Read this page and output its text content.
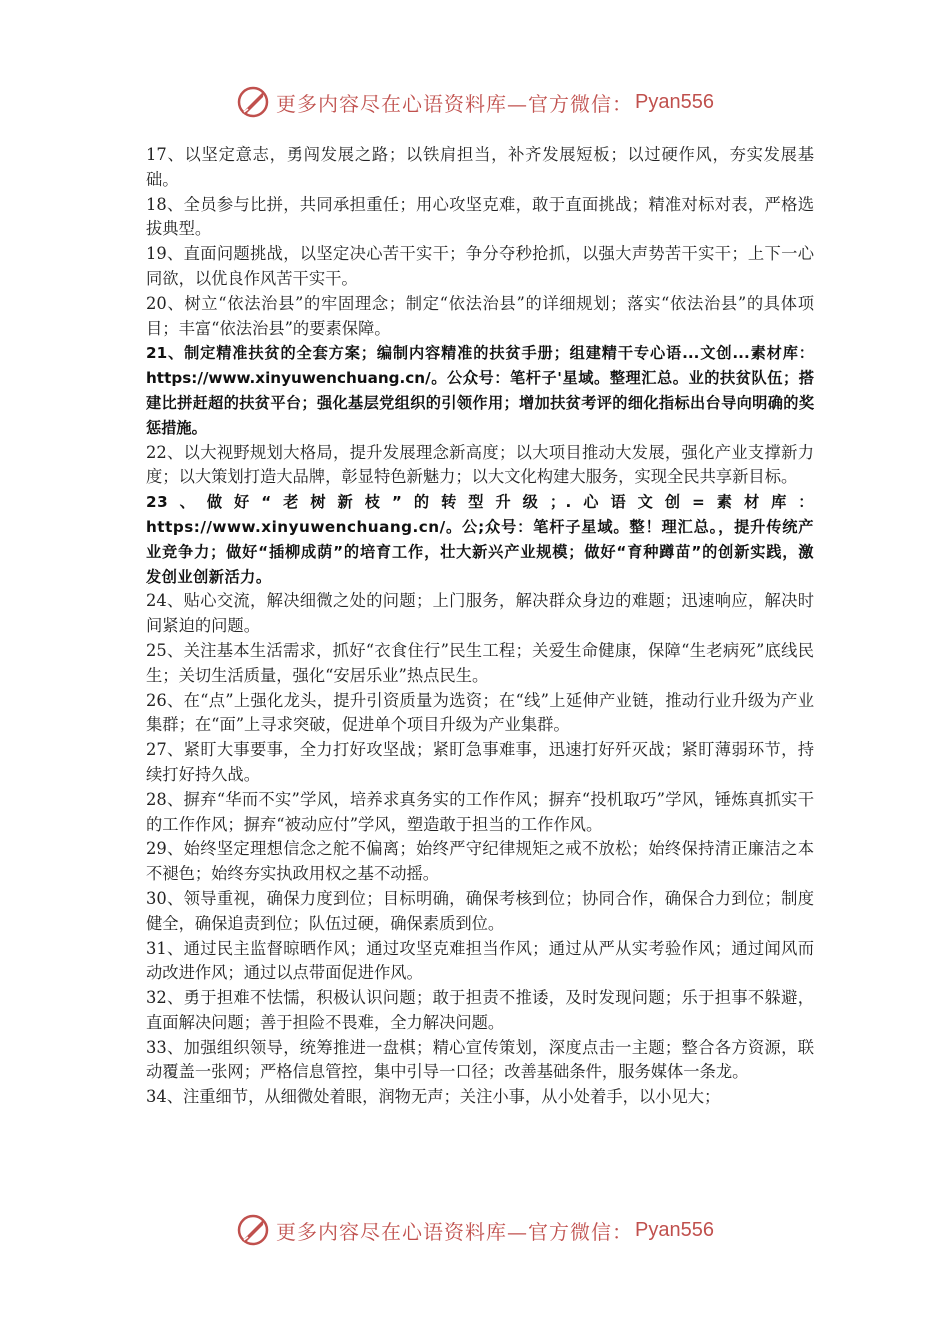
更多内容尽在心语资料库—官方微信： Pyan556

17、以坚定意志，勇闯发展之路；以铁肩担当，补齐发展短板；以过硬作风，夯实发展基础。

18、全员参与比拼，共同承担重任；用心攻坚克难，敢于直面挑战；精准对标对表，严格选拔典型。

19、直面问题挑战，以坚定决心苦干实干；争分夺秒抢抓，以强大声势苦干实干；上下一心同欲，以优良作风苦干实干。

20、树立“依法治县”的牢固理念；制定“依法治县”的详细规划；落实“依法治县”的具体项目；丰富“依法治县”的要素保障。

21、制定精准扶贫的全套方案；编制内容精准的扶贫手册；组建精干专心语...文创...素材库：https://www.xinyuwenchuang.cn/。公众号：笔杆子'星域。整理汇总。业的扶贫队伍；搭建比拼赶超的扶贫平台；强化基层党组织的引领作用；增加扶贫考评的细化指标出台导向明确的奖惩措施。

22、以大视野规划大格局，提升发展理念新高度；以大项目推动大发展，强化产业支撑新力度；以大策划打造大品牌，彰显特色新魅力；以大文化构建大服务，实现全民共享新目标。

23、做好“老树新枝”的转型升级；.心语文创=素材库：https://www.xinyuwenchuang.cn/。公;众号：笔杆子星域。整！理汇总。，提升传统产业竞争力；做好“插柳成荫”的培育工作，壮大新兴产业规模；做好“育种蹲苗”的创新实践，激发创业创新活力。

24、贴心交流，解决细微之处的问题；上门服务，解决群众身边的难题；迅速响应，解决时间紧迫的问题。

25、关注基本生活需求，抓好“衣食住行”民生工程；关爱生命健康，保障“生老病死”底线民生；关切生活质量，强化“安居乐业”热点民生。

26、在“点”上强化龙头，提升引资质量为选资；在“线”上延伸产业链，推动行业升级为产业集群；在“面”上寻求突破，促进单个项目升级为产业集群。

27、紧盯大事要事，全力打好攻坚战；紧盯急事难事，迅速打好歼灭战；紧盯薄弱环节，持续打好持久战。

28、摒弃“华而不实”学风，培养求真务实的工作作风；摒弃“投机取巧”学风，锤炼真抓实干的工作作风；摒弃“被动应付”学风，塑造敢于担当的工作作风。

29、始终坚定理想信念之舵不偏离；始终严守纪律规矩之戒不放松；始终保持清正廉洁之本不褪色；始终夯实执政用权之基不动摇。

30、领导重视，确保力度到位；目标明确，确保考核到位；协同合作，确保合力到位；制度健全，确保追责到位；队伍过硬，确保素质到位。

31、通过民主监督晾晒作风；通过攻坚克难担当作风；通过从严从实考验作风；通过闻风而动改进作风；通过以点带面促进作风。

32、勇于担难不怯懦，积极认识问题；敢于担责不推诿，及时发现问题；乐于担事不躲避，直面解决问题；善于担险不畏难，全力解决问题。

33、加强组织领导，统筹推进一盘棋；精心宣传策划，深度点击一主题；整合各方资源，联动覆盖一张网；严格信息管控，集中引导一口径；改善基础条件，服务媒体一条龙。

34、注重细节，从细微处着眼，润物无声；关注小事，从小处着手，以小见大；

更多内容尽在心语资料库—官方微信： Pyan556
